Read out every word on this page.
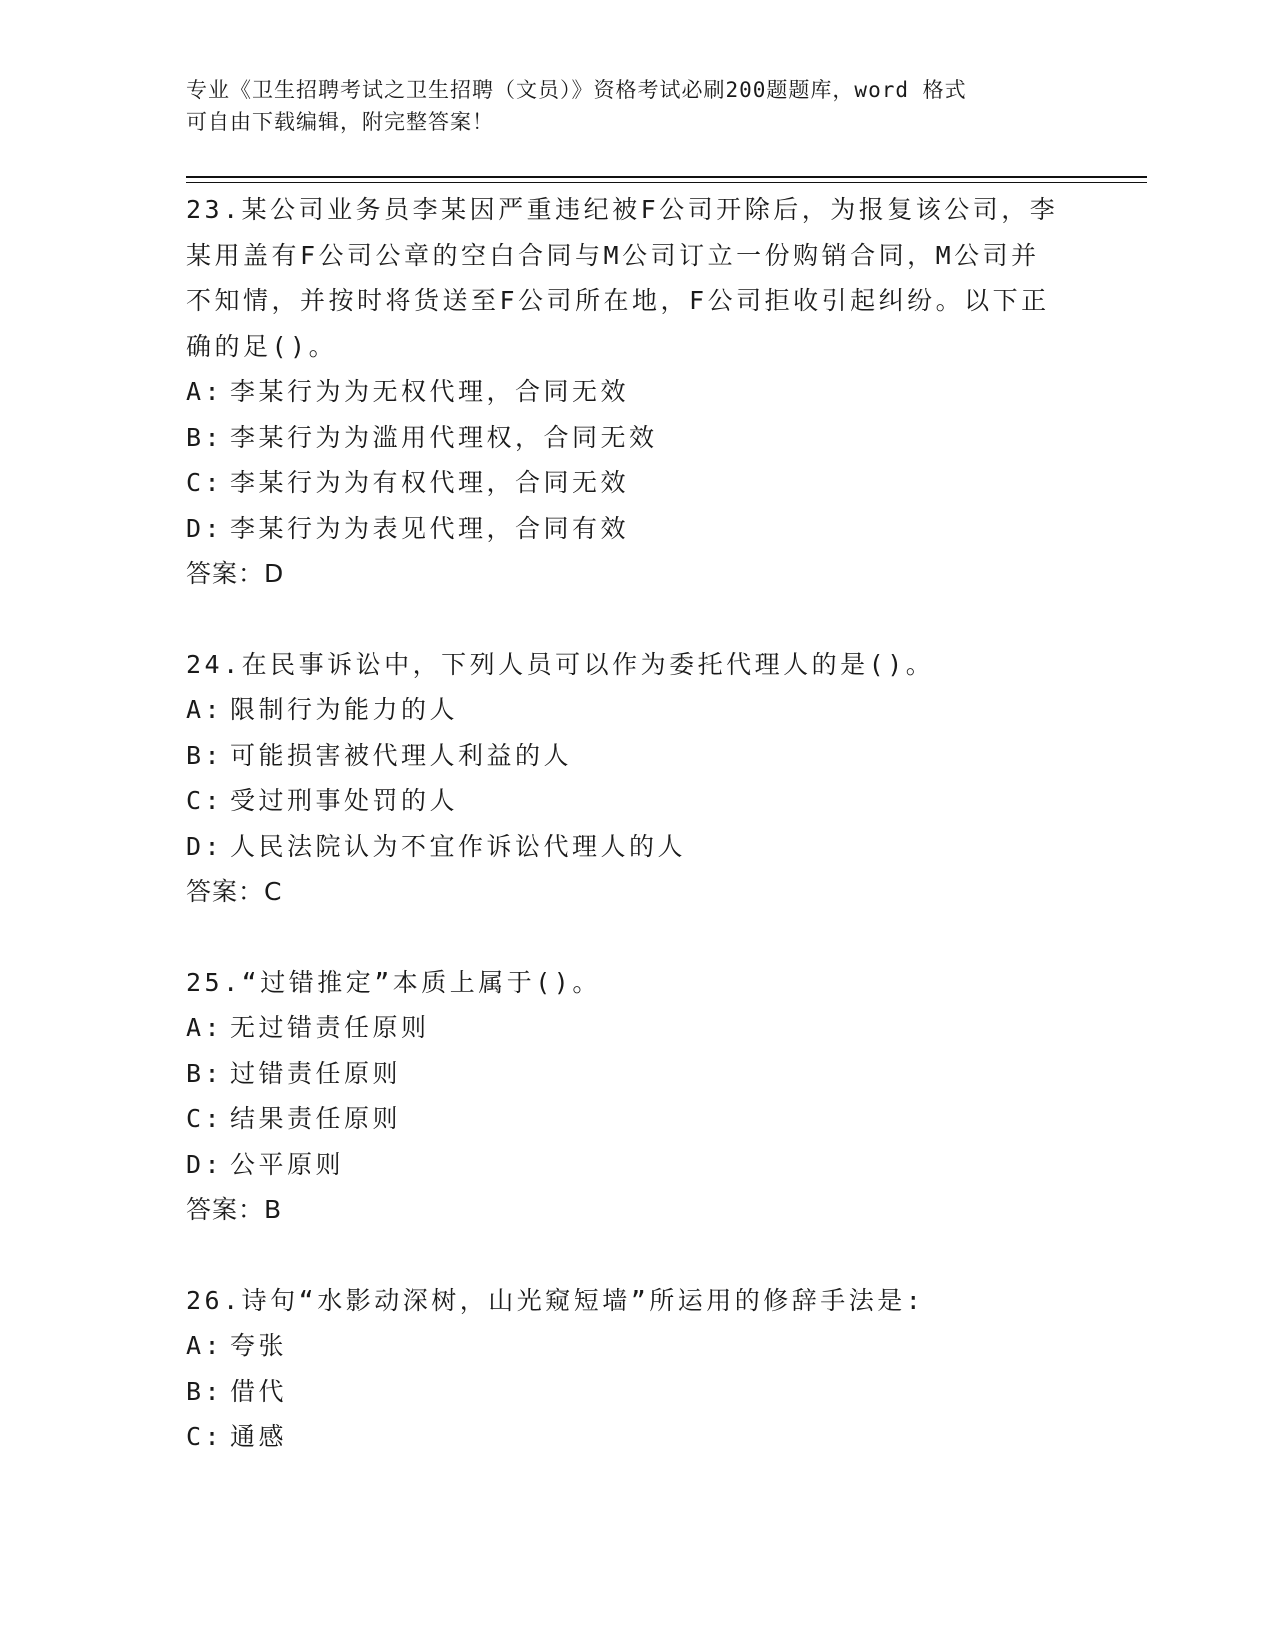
专业《卫生招聘考试之卫生招聘（文员）》资格考试必刷200题题库，word 格式
可自由下载编辑，附完整答案！
23.某公司业务员李某因严重违纪被F公司开除后，为报复该公司，李
某用盖有F公司公章的空白合同与M公司订立一份购销合同，M公司并
不知情，并按时将货送至F公司所在地，F公司拒收引起纠纷。以下正
确的足()。
A: 李某行为为无权代理，合同无效
B: 李某行为为滥用代理权，合同无效
C: 李某行为为有权代理，合同无效
D: 李某行为为表见代理，合同有效
答案：D
24.在民事诉讼中，下列人员可以作为委托代理人的是()。
A: 限制行为能力的人
B: 可能损害被代理人利益的人
C: 受过刑事处罚的人
D: 人民法院认为不宜作诉讼代理人的人
答案：C
25.“过错推定”本质上属于()。
A: 无过错责任原则
B: 过错责任原则
C: 结果责任原则
D: 公平原则
答案：B
26.诗句“水影动深树，山光窥短墙”所运用的修辞手法是:
A: 夸张
B: 借代
C: 通感
